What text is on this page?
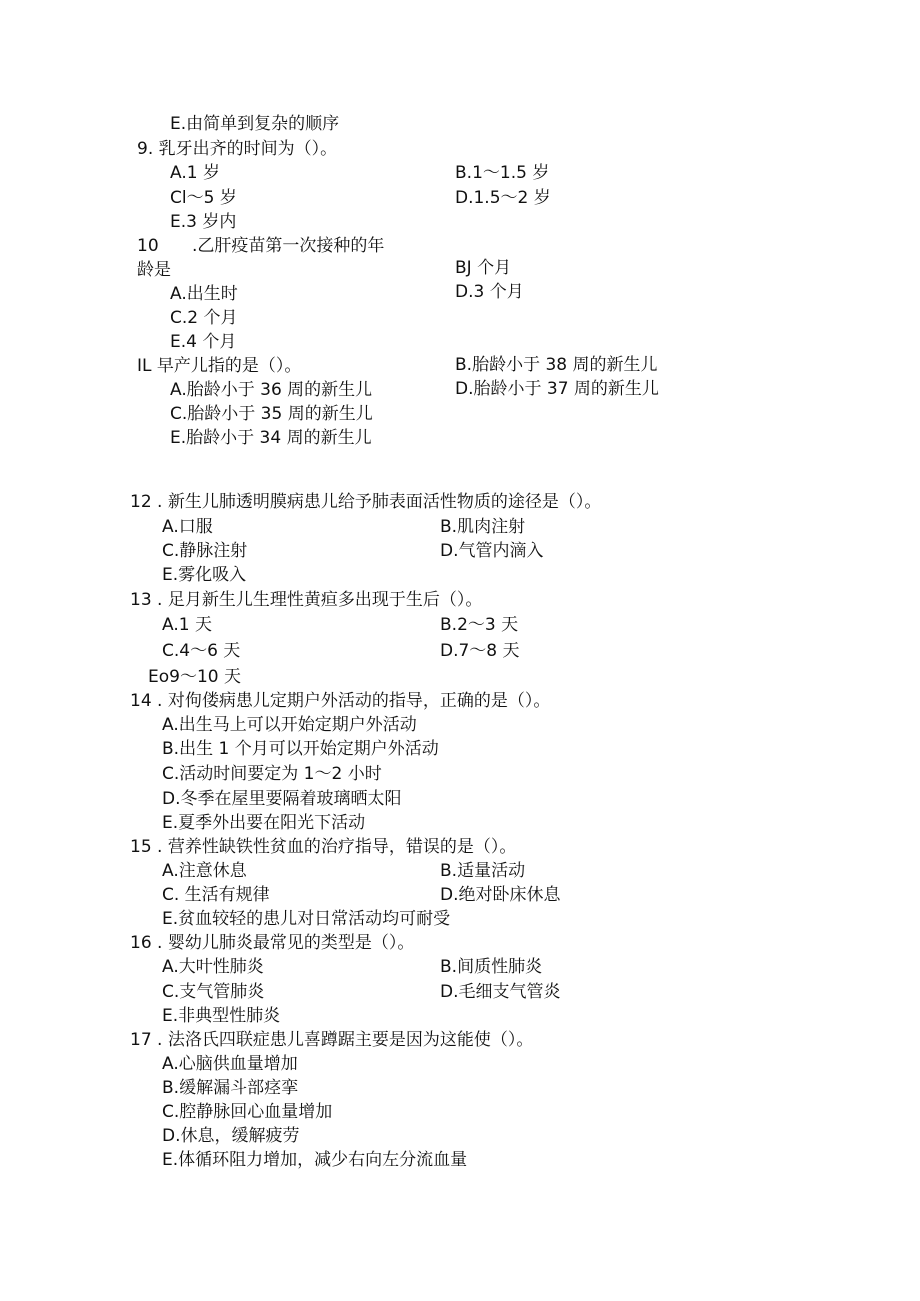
E.由简单到复杂的顺序
9. 乳牙出齐的时间为（）。
A.1 岁	B.1～1.5 岁
Cl～5 岁	D.1.5～2 岁
E.3 岁内
10 .乙肝疫苗第一次接种的年
龄是	BJ 个月
A.出生时	D.3 个月
C.2 个月
E.4 个月
IL 早产儿指的是（）。	B.胎龄小于 38 周的新生儿
A.胎龄小于 36 周的新生儿	D.胎龄小于 37 周的新生儿
C.胎龄小于 35 周的新生儿
E.胎龄小于 34 周的新生儿
12 . 新生儿肺透明膜病患儿给予肺表面活性物质的途径是（）。
A.口服	B.肌肉注射
C.静脉注射	D.气管内滴入
E.雾化吸入
13 . 足月新生儿生理性黄疸多出现于生后（）。
A.1 天	B.2～3 天
C.4～6 天	D.7～8 天
Eo9～10 天
14 . 对佝偻病患儿定期户外活动的指导，正确的是（）。
A.出生马上可以开始定期户外活动
B.出生 1 个月可以开始定期户外活动
C.活动时间要定为 1～2 小时
D.冬季在屋里要隔着玻璃晒太阳
E.夏季外出要在阳光下活动
15 . 营养性缺铁性贫血的治疗指导，错误的是（）。
A.注意休息	B.适量活动
C. 生活有规律	D.绝对卧床休息
E.贫血较轻的患儿对日常活动均可耐受
16 . 婴幼儿肺炎最常见的类型是（）。
A.大叶性肺炎	B.间质性肺炎
C.支气管肺炎	D.毛细支气管炎
E.非典型性肺炎
17 . 法洛氏四联症患儿喜蹲踞主要是因为这能使（）。
A.心脑供血量增加
B.缓解漏斗部痉挛
C.腔静脉回心血量增加
D.休息，缓解疲劳
E.体循环阻力增加，减少右向左分流血量
